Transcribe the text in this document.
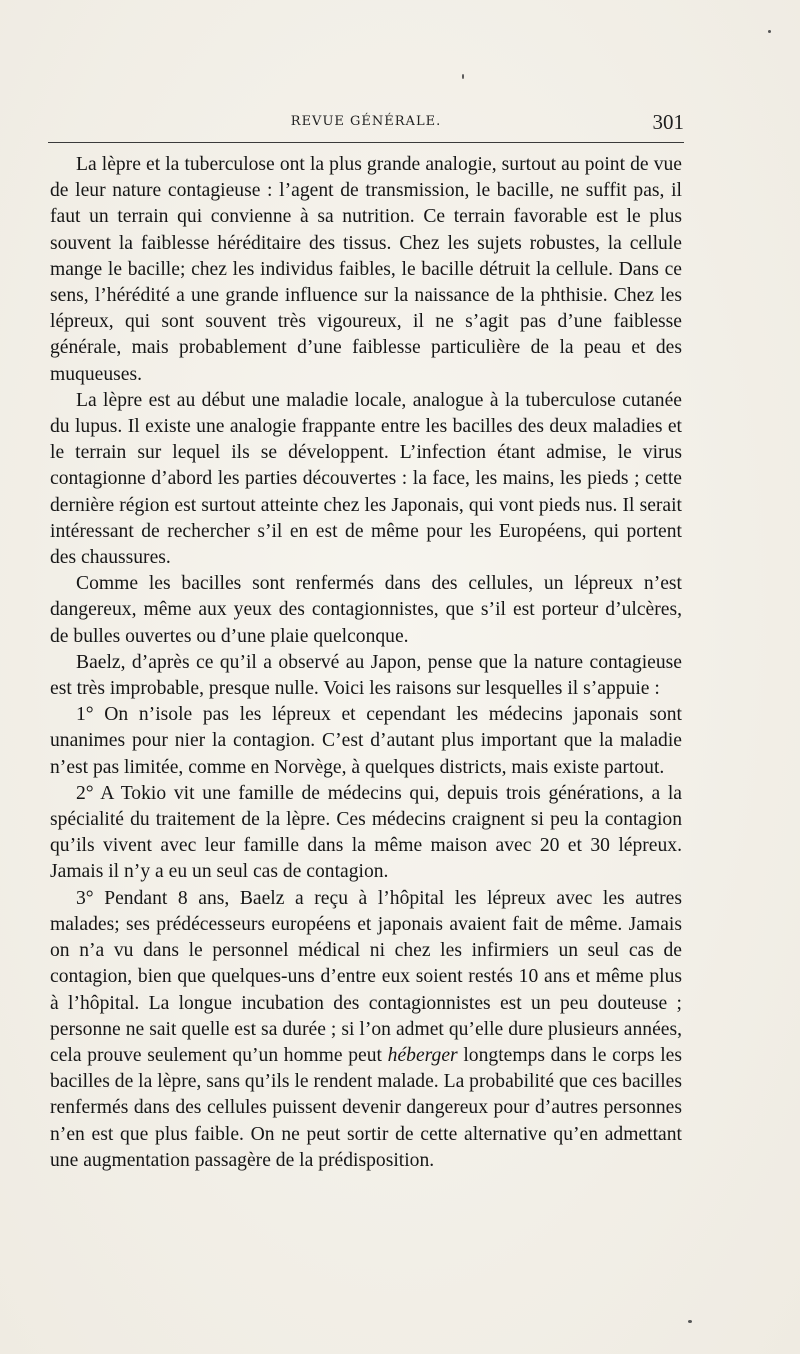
REVUE GÉNÉRALE.	301

La lèpre et la tuberculose ont la plus grande analogie, surtout au point de vue de leur nature contagieuse : l’agent de transmission, le bacille, ne suffit pas, il faut un terrain qui convienne à sa nutrition. Ce terrain favorable est le plus souvent la faiblesse héréditaire des tissus. Chez les sujets robustes, la cellule mange le bacille; chez les individus faibles, le bacille détruit la cellule. Dans ce sens, l’hérédité a une grande influence sur la naissance de la phthisie. Chez les lépreux, qui sont souvent très vigoureux, il ne s’agit pas d’une faiblesse générale, mais probablement d’une faiblesse particulière de la peau et des muqueuses.

La lèpre est au début une maladie locale, analogue à la tuberculose cutanée du lupus. Il existe une analogie frappante entre les bacilles des deux maladies et le terrain sur lequel ils se développent. L’infection étant admise, le virus contagionne d’abord les parties découvertes : la face, les mains, les pieds ; cette dernière région est surtout atteinte chez les Japonais, qui vont pieds nus. Il serait intéressant de rechercher s’il en est de même pour les Européens, qui portent des chaussures.

Comme les bacilles sont renfermés dans des cellules, un lépreux n’est dangereux, même aux yeux des contagionnistes, que s’il est porteur d’ulcères, de bulles ouvertes ou d’une plaie quelconque.

Baelz, d’après ce qu’il a observé au Japon, pense que la nature contagieuse est très improbable, presque nulle. Voici les raisons sur lesquelles il s’appuie :

1° On n’isole pas les lépreux et cependant les médecins japonais sont unanimes pour nier la contagion. C’est d’autant plus important que la maladie n’est pas limitée, comme en Norvège, à quelques districts, mais existe partout.

2° A Tokio vit une famille de médecins qui, depuis trois générations, a la spécialité du traitement de la lèpre. Ces médecins craignent si peu la contagion qu’ils vivent avec leur famille dans la même maison avec 20 et 30 lépreux. Jamais il n’y a eu un seul cas de contagion.

3° Pendant 8 ans, Baelz a reçu à l’hôpital les lépreux avec les autres malades; ses prédécesseurs européens et japonais avaient fait de même. Jamais on n’a vu dans le personnel médical ni chez les infirmiers un seul cas de contagion, bien que quelques-uns d’entre eux soient restés 10 ans et même plus à l’hôpital. La longue incubation des contagionnistes est un peu douteuse ; personne ne sait quelle est sa durée ; si l’on admet qu’elle dure plusieurs années, cela prouve seulement qu’un homme peut héberger longtemps dans le corps les bacilles de la lèpre, sans qu’ils le rendent malade. La probabilité que ces bacilles renfermés dans des cellules puissent devenir dangereux pour d’autres personnes n’en est que plus faible. On ne peut sortir de cette alternative qu’en admettant une augmentation passagère de la prédisposition.
